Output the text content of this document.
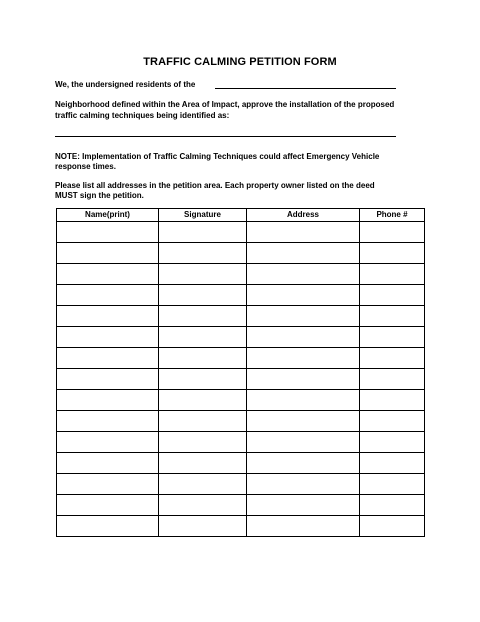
TRAFFIC CALMING PETITION FORM
We, the undersigned residents of the
Neighborhood defined within the Area of Impact, approve the installation of the proposed
traffic calming techniques being identified as:
NOTE: Implementation of Traffic Calming Techniques could affect Emergency Vehicle
response times.
Please list all addresses in the petition area. Each property owner listed on the deed
MUST sign the petition.
Name(print)	Signature	Address	Phone #
